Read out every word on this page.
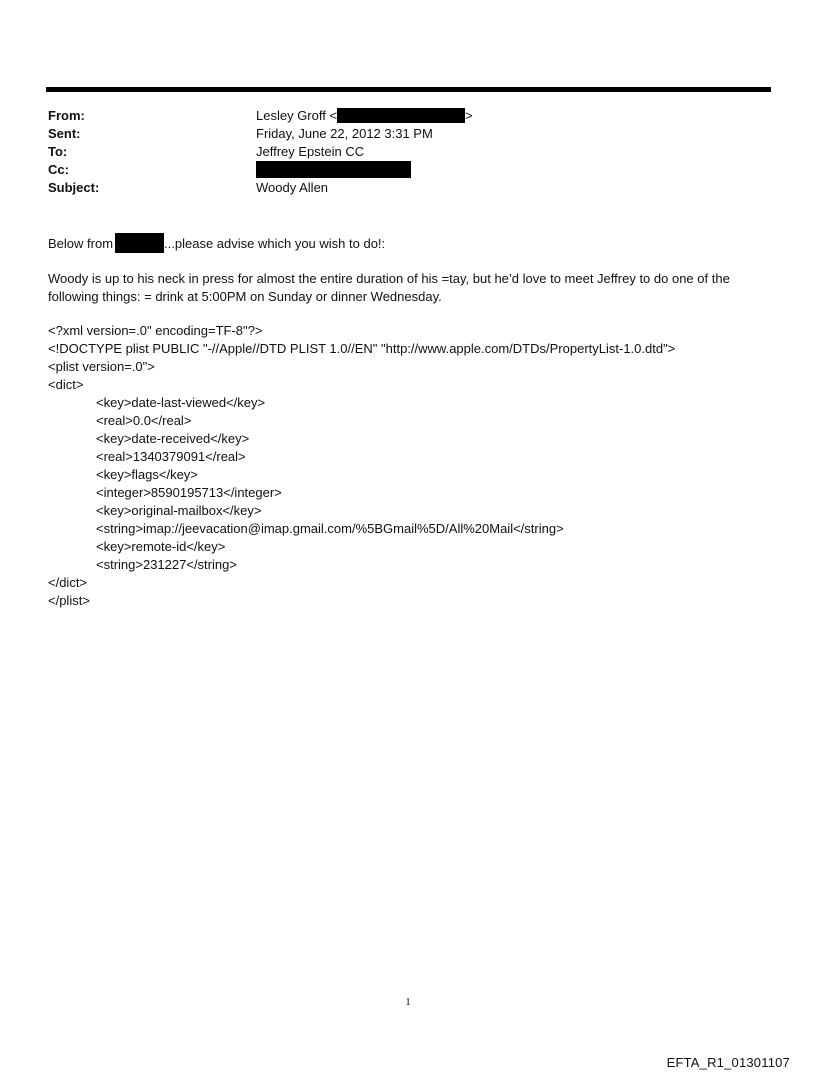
From:	Lesley Groff <	>
Sent:	Friday, June 22, 2012 3:31 PM
To:	Jeffrey Epstein CC
Cc:
Subject:	Woody Allen
Below from	...please advise which you wish to do!:
Woody is up to his neck in press for almost the entire duration of his =tay, but he’d love to meet Jeffrey to do one of the
following things: = drink at 5:00PM on Sunday or dinner Wednesday.
<?xml version=.0" encoding=TF-8"?>
<!DOCTYPE plist PUBLIC "-//Apple//DTD PLIST 1.0//EN" "http://www.apple.com/DTDs/PropertyList-1.0.dtd">
<plist version=.0">
<dict>
<key>date-last-viewed</key>
<real>0.0</real>
<key>date-received</key>
<real>1340379091</real>
<key>flags</key>
<integer>8590195713</integer>
<key>original-mailbox</key>
<string>imap://jeevacation@imap.gmail.com/%5BGmail%5D/All%20Mail</string>
<key>remote-id</key>
<string>231227</string>
</dict>
</plist>
1
EFTA_R1_01301107
